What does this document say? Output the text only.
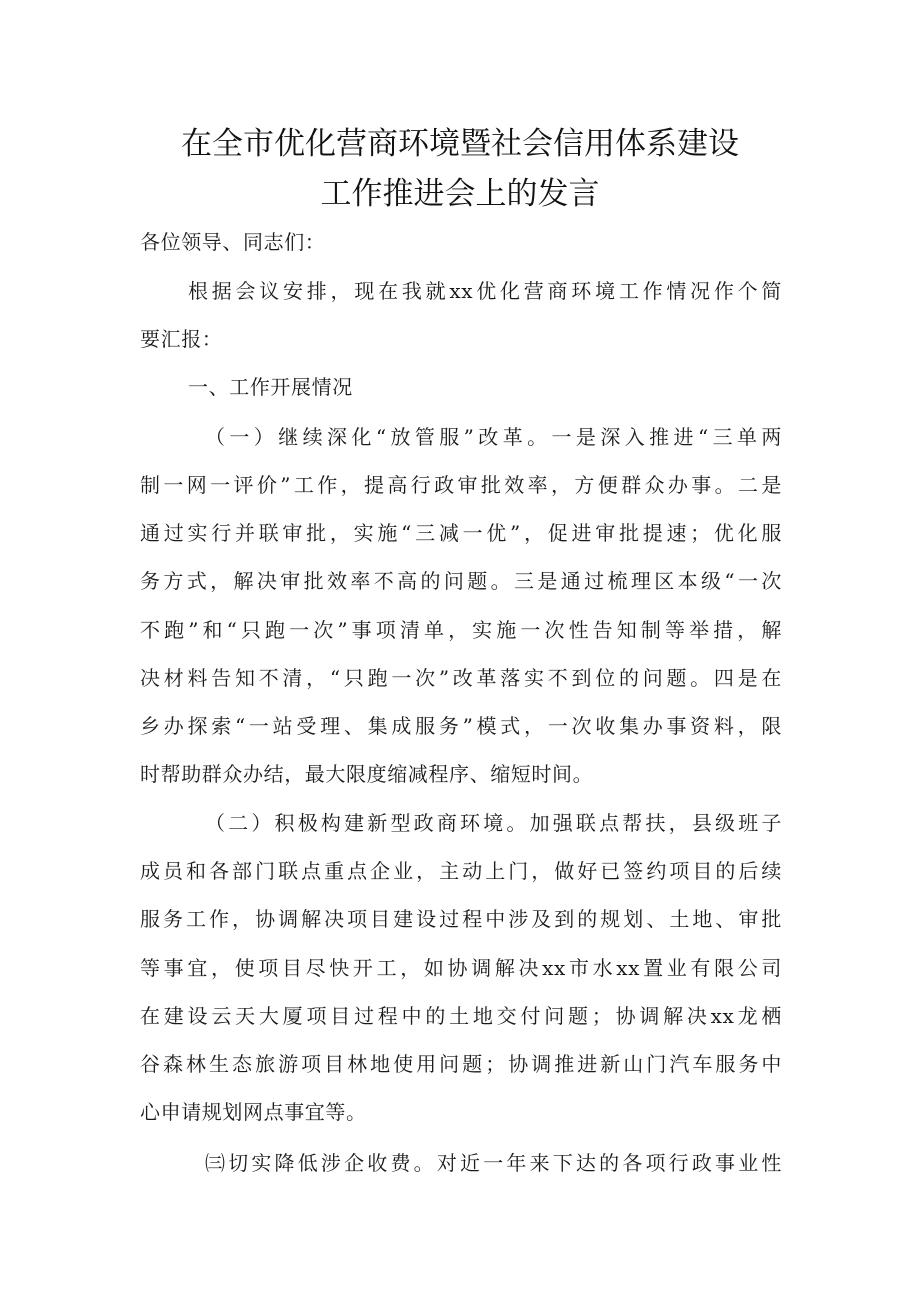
在全市优化营商环境暨社会信用体系建设
工作推进会上的发言
各位领导、同志们：
根据会议安排，现在我就xx优化营商环境工作情况作个简
要汇报：
一、工作开展情况
（一）继续深化“放管服”改革。一是深入推进“三单两
制一网一评价”工作，提高行政审批效率，方便群众办事。二是
通过实行并联审批，实施“三减一优”，促进审批提速；优化服
务方式，解决审批效率不高的问题。三是通过梳理区本级“一次
不跑”和“只跑一次”事项清单，实施一次性告知制等举措，解
决材料告知不清，“只跑一次”改革落实不到位的问题。四是在
乡办探索“一站受理、集成服务”模式，一次收集办事资料，限
时帮助群众办结，最大限度缩减程序、缩短时间。
（二）积极构建新型政商环境。加强联点帮扶，县级班子
成员和各部门联点重点企业，主动上门，做好已签约项目的后续
服务工作，协调解决项目建设过程中涉及到的规划、土地、审批
等事宜，使项目尽快开工，如协调解决xx市水xx置业有限公司
在建设云天大厦项目过程中的土地交付问题；协调解决xx龙栖
谷森林生态旅游项目林地使用问题；协调推进新山门汽车服务中
心申请规划网点事宜等。
㈢切实降低涉企收费。对近一年来下达的各项行政事业性
